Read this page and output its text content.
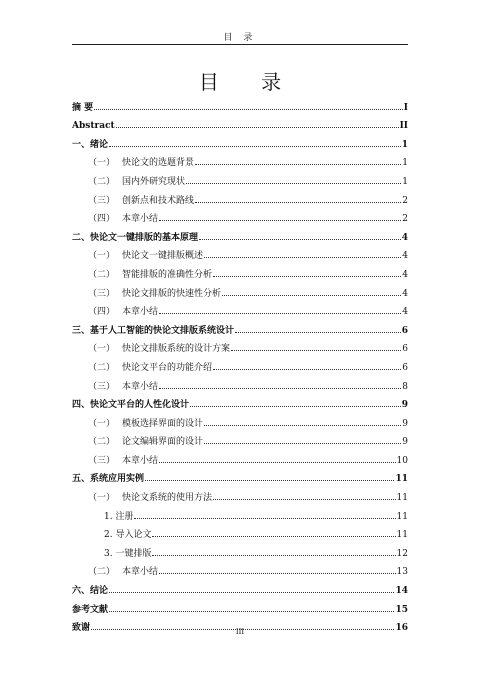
目 录
目 录
摘 要	I
Abstract	II
一、绪论	1
（一） 快论文的选题背景	1
（二） 国内外研究现状	1
（三） 创新点和技术路线	2
（四） 本章小结	2
二、快论文一键排版的基本原理	4
（一） 快论文一键排版概述	4
（二） 智能排版的准确性分析	4
（三） 快论文排版的快速性分析	4
（四） 本章小结	4
三、基于人工智能的快论文排版系统设计	6
（一） 快论文排版系统的设计方案	6
（二） 快论文平台的功能介绍	6
（三） 本章小结	8
四、快论文平台的人性化设计	9
（一） 模板选择界面的设计	9
（二） 论文编辑界面的设计	9
（三） 本章小结	10
五、系统应用实例	11
（一） 快论文系统的使用方法	11
1. 注册	11
2. 导入论文	11
3. 一键排版	12
（二） 本章小结	13
六、结论	14
参考文献	15
致谢	16
III
